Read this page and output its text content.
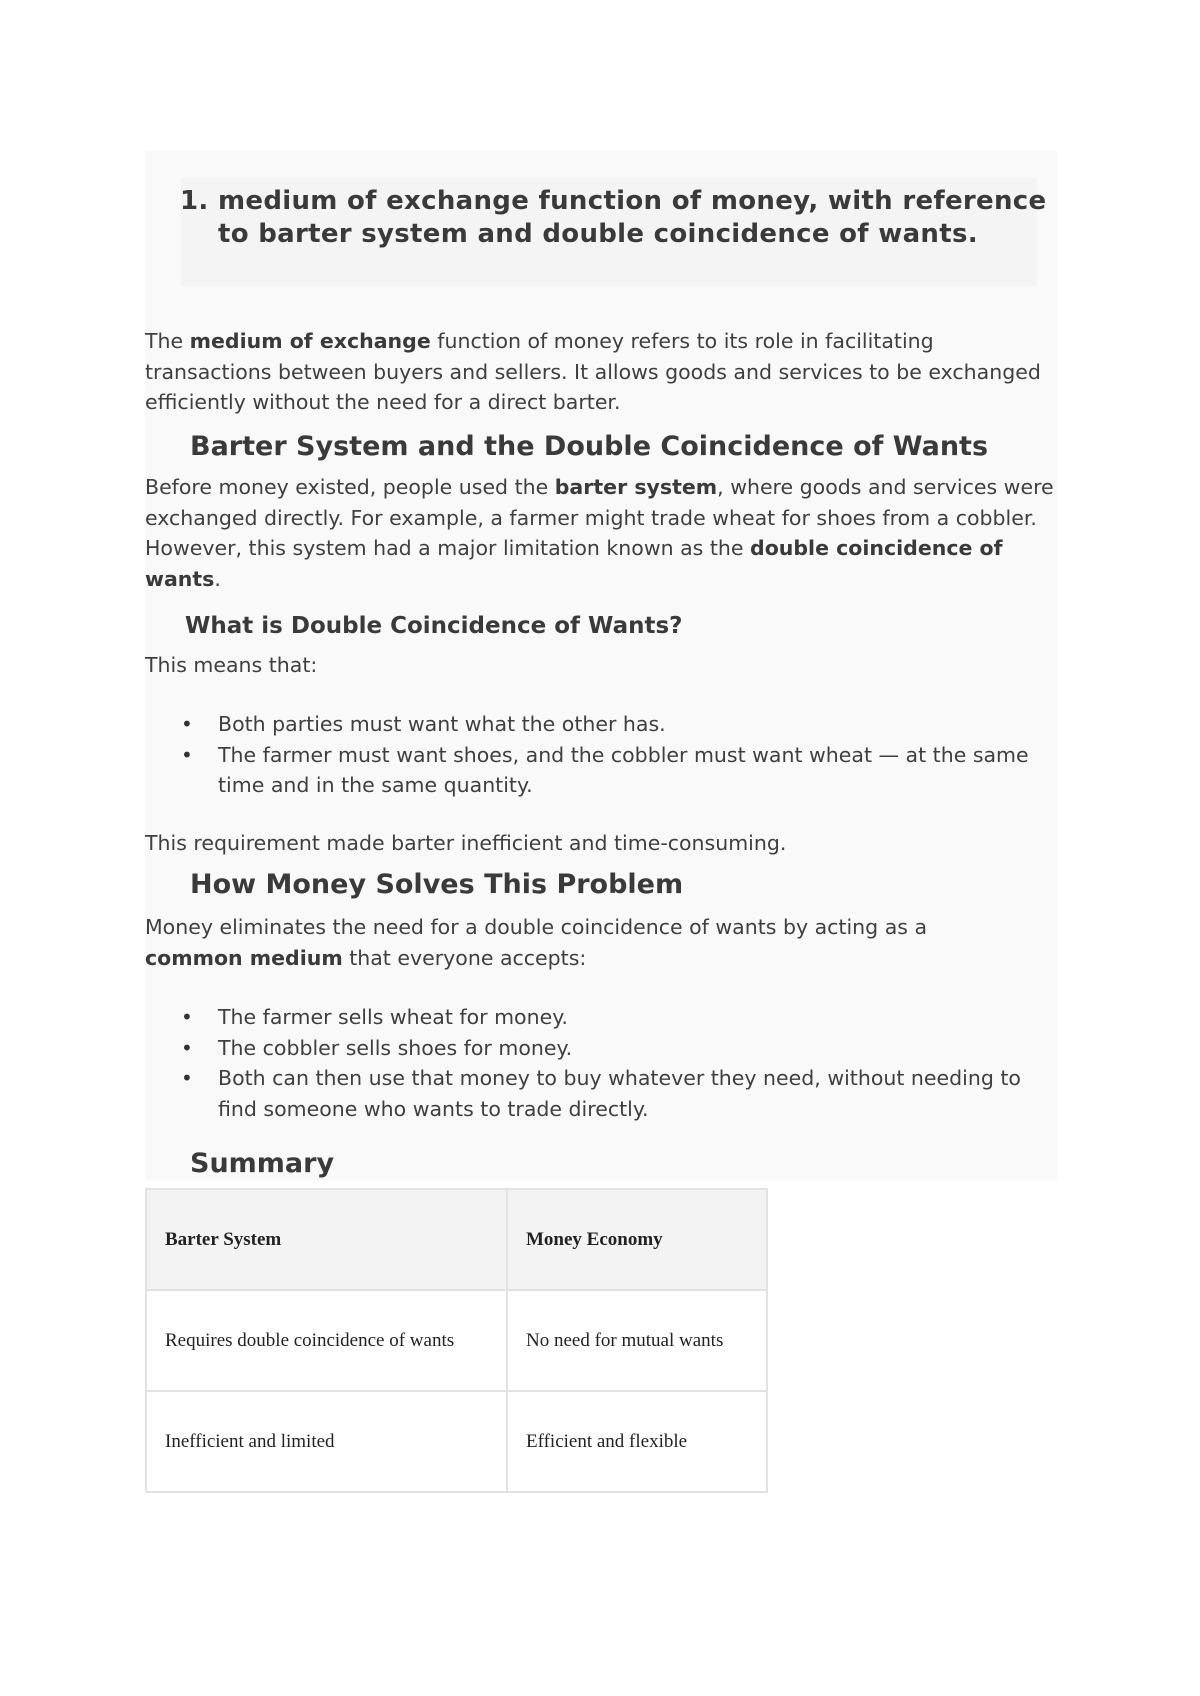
1. medium of exchange function of money, with reference to barter system and double coincidence of wants.
The medium of exchange function of money refers to its role in facilitating transactions between buyers and sellers. It allows goods and services to be exchanged efficiently without the need for a direct barter.
Barter System and the Double Coincidence of Wants
Before money existed, people used the barter system, where goods and services were exchanged directly. For example, a farmer might trade wheat for shoes from a cobbler. However, this system had a major limitation known as the double coincidence of wants.
What is Double Coincidence of Wants?
This means that:
• Both parties must want what the other has.
• The farmer must want shoes, and the cobbler must want wheat — at the same time and in the same quantity.
This requirement made barter inefficient and time-consuming.
How Money Solves This Problem
Money eliminates the need for a double coincidence of wants by acting as a common medium that everyone accepts:
• The farmer sells wheat for money.
• The cobbler sells shoes for money.
• Both can then use that money to buy whatever they need, without needing to find someone who wants to trade directly.
Summary
Barter System	Money Economy
Requires double coincidence of wants	No need for mutual wants
Inefficient and limited	Efficient and flexible
